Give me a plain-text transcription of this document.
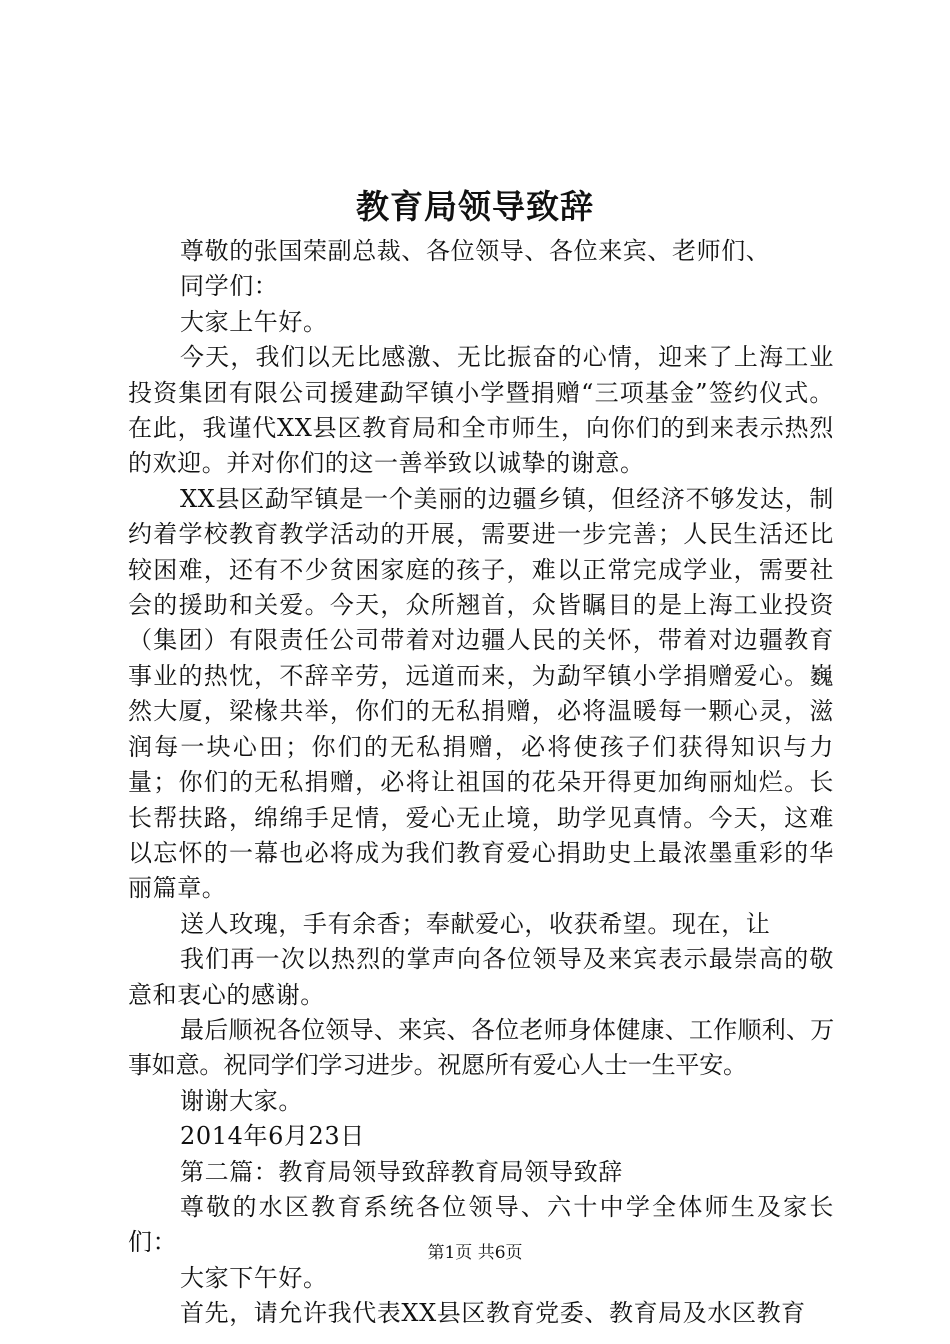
教育局领导致辞

尊敬的张国荣副总裁、各位领导、各位来宾、老师们、

同学们：

大家上午好。

今天，我们以无比感激、无比振奋的心情，迎来了上海工业投资集团有限公司援建勐罕镇小学暨捐赠“三项基金”签约仪式。在此，我谨代XX县区教育局和全市师生，向你们的到来表示热烈的欢迎。并对你们的这一善举致以诚挚的谢意。

XX县区勐罕镇是一个美丽的边疆乡镇，但经济不够发达，制约着学校教育教学活动的开展，需要进一步完善；人民生活还比较困难，还有不少贫困家庭的孩子，难以正常完成学业，需要社会的援助和关爱。今天，众所翘首，众皆瞩目的是上海工业投资（集团）有限责任公司带着对边疆人民的关怀，带着对边疆教育事业的热忱，不辞辛劳，远道而来，为勐罕镇小学捐赠爱心。巍然大厦，梁椽共举，你们的无私捐赠，必将温暖每一颗心灵，滋润每一块心田；你们的无私捐赠，必将使孩子们获得知识与力量；你们的无私捐赠，必将让祖国的花朵开得更加绚丽灿烂。长长帮扶路，绵绵手足情，爱心无止境，助学见真情。今天，这难以忘怀的一幕也必将成为我们教育爱心捐助史上最浓墨重彩的华丽篇章。

送人玫瑰，手有余香；奉献爱心，收获希望。现在，让

我们再一次以热烈的掌声向各位领导及来宾表示最崇高的敬意和衷心的感谢。

最后顺祝各位领导、来宾、各位老师身体健康、工作顺利、万事如意。祝同学们学习进步。祝愿所有爱心人士一生平安。

谢谢大家。

2014年6月23日

第二篇：教育局领导致辞教育局领导致辞

尊敬的水区教育系统各位领导、六十中学全体师生及家长们：

大家下午好。

首先，请允许我代表XX县区教育党委、教育局及水区教育

第1页 共6页
